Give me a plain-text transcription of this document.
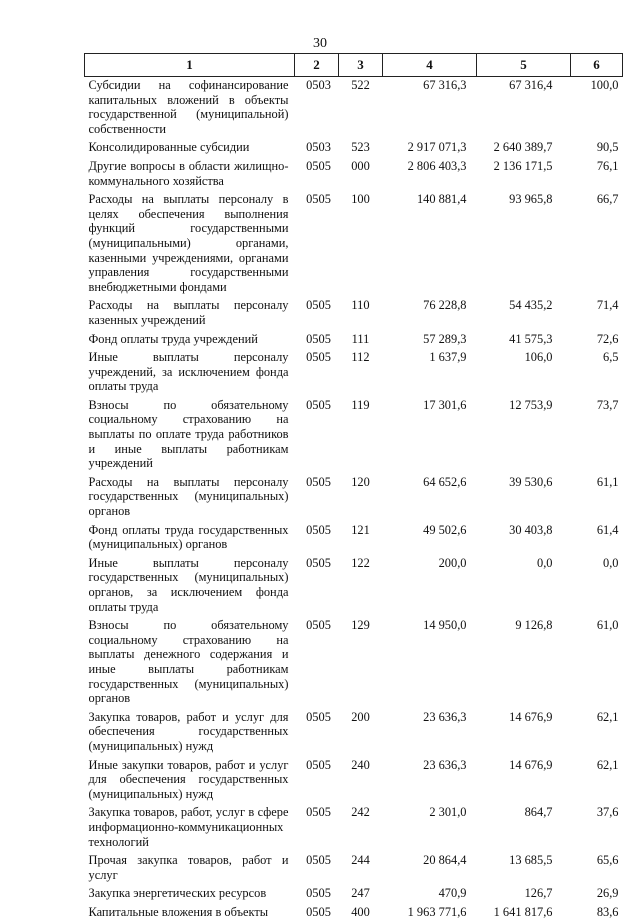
30
1	2	3	4	5	6
Субсидии на софинансирование капитальных вложений в объекты государственной (муниципальной) собственности	0503	522	67 316,3	67 316,4	100,0
Консолидированные субсидии	0503	523	2 917 071,3	2 640 389,7	90,5
Другие вопросы в области жилищно-коммунального хозяйства	0505	000	2 806 403,3	2 136 171,5	76,1
Расходы на выплаты персоналу в целях обеспечения выполнения функций государственными (муниципальными) органами, казенными учреждениями, органами управления государственными внебюджетными фондами	0505	100	140 881,4	93 965,8	66,7
Расходы на выплаты персоналу казенных учреждений	0505	110	76 228,8	54 435,2	71,4
Фонд оплаты труда учреждений	0505	111	57 289,3	41 575,3	72,6
Иные выплаты персоналу учреждений, за исключением фонда оплаты труда	0505	112	1 637,9	106,0	6,5
Взносы по обязательному социальному страхованию на выплаты по оплате труда работников и иные выплаты работникам учреждений	0505	119	17 301,6	12 753,9	73,7
Расходы на выплаты персоналу государственных (муниципальных) органов	0505	120	64 652,6	39 530,6	61,1
Фонд оплаты труда государственных (муниципальных) органов	0505	121	49 502,6	30 403,8	61,4
Иные выплаты персоналу государственных (муниципальных) органов, за исключением фонда оплаты труда	0505	122	200,0	0,0	0,0
Взносы по обязательному социальному страхованию на выплаты денежного содержания и иные выплаты работникам государственных (муниципальных) органов	0505	129	14 950,0	9 126,8	61,0
Закупка товаров, работ и услуг для обеспечения государственных (муниципальных) нужд	0505	200	23 636,3	14 676,9	62,1
Иные закупки товаров, работ и услуг для обеспечения государственных (муниципальных) нужд	0505	240	23 636,3	14 676,9	62,1
Закупка товаров, работ, услуг в сфере информационно-коммуникационных технологий	0505	242	2 301,0	864,7	37,6
Прочая закупка товаров, работ и услуг	0505	244	20 864,4	13 685,5	65,6
Закупка энергетических ресурсов	0505	247	470,9	126,7	26,9
Капитальные вложения в объекты	0505	400	1 963 771,6	1 641 817,6	83,6
